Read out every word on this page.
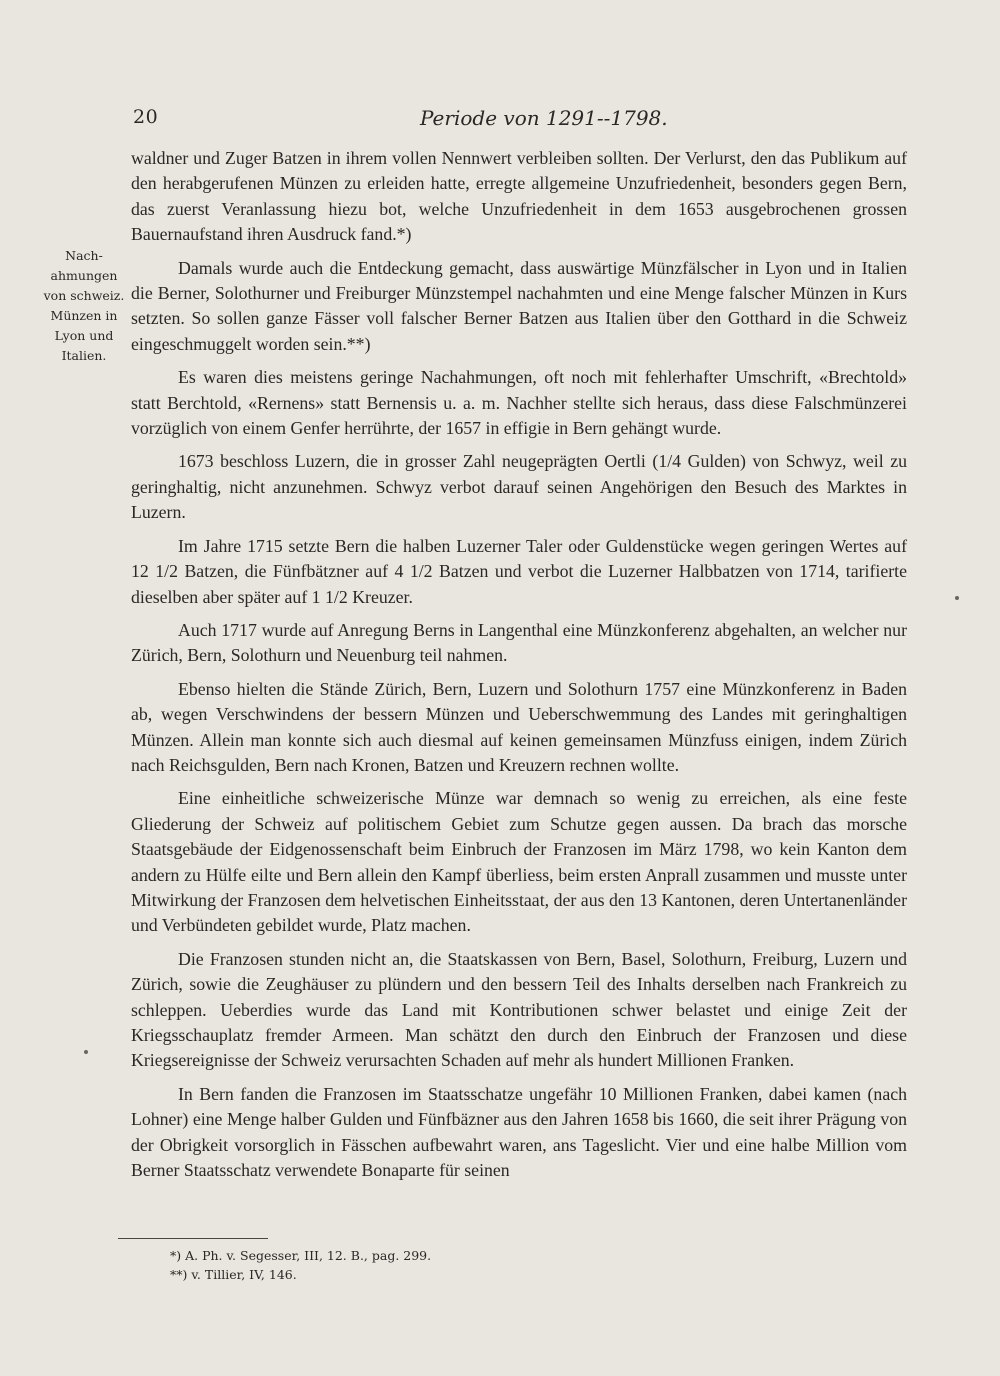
20	Periode von 1291--1798.
Nach- ahmungen von schweiz. Münzen in Lyon und Italien.

waldner und Zuger Batzen in ihrem vollen Nennwert verbleiben sollten. Der Verlurst, den das Publikum auf den herabgerufenen Münzen zu erleiden hatte, erregte allgemeine Unzufriedenheit, besonders gegen Bern, das zuerst Veranlassung hiezu bot, welche Unzufriedenheit in dem 1653 ausgebrochenen grossen Bauernaufstand ihren Ausdruck fand.*)

Damals wurde auch die Entdeckung gemacht, dass auswärtige Münzfälscher in Lyon und in Italien die Berner, Solothurner und Freiburger Münzstempel nachahmten und eine Menge falscher Münzen in Kurs setzten. So sollen ganze Fässer voll falscher Berner Batzen aus Italien über den Gotthard in die Schweiz eingeschmuggelt worden sein.**)

Es waren dies meistens geringe Nachahmungen, oft noch mit fehlerhafter Umschrift, «Brechtold» statt Berchtold, «Rernens» statt Bernensis u. a. m. Nachher stellte sich heraus, dass diese Falschmünzerei vorzüglich von einem Genfer herrührte, der 1657 in effigie in Bern gehängt wurde.

1673 beschloss Luzern, die in grosser Zahl neugeprägten Oertli (1/4 Gulden) von Schwyz, weil zu geringhaltig, nicht anzunehmen. Schwyz verbot darauf seinen Angehörigen den Besuch des Marktes in Luzern.

Im Jahre 1715 setzte Bern die halben Luzerner Taler oder Guldenstücke wegen geringen Wertes auf 12 1/2 Batzen, die Fünfbätzner auf 4 1/2 Batzen und verbot die Luzerner Halbbatzen von 1714, tarifierte dieselben aber später auf 1 1/2 Kreuzer.

Auch 1717 wurde auf Anregung Berns in Langenthal eine Münzkonferenz abgehalten, an welcher nur Zürich, Bern, Solothurn und Neuenburg teil nahmen.

Ebenso hielten die Stände Zürich, Bern, Luzern und Solothurn 1757 eine Münzkonferenz in Baden ab, wegen Verschwindens der bessern Münzen und Ueberschwemmung des Landes mit geringhaltigen Münzen. Allein man konnte sich auch diesmal auf keinen gemeinsamen Münzfuss einigen, indem Zürich nach Reichsgulden, Bern nach Kronen, Batzen und Kreuzern rechnen wollte.

Eine einheitliche schweizerische Münze war demnach so wenig zu erreichen, als eine feste Gliederung der Schweiz auf politischem Gebiet zum Schutze gegen aussen. Da brach das morsche Staatsgebäude der Eidgenossenschaft beim Einbruch der Franzosen im März 1798, wo kein Kanton dem andern zu Hülfe eilte und Bern allein den Kampf überliess, beim ersten Anprall zusammen und musste unter Mitwirkung der Franzosen dem helvetischen Einheitsstaat, der aus den 13 Kantonen, deren Untertanenländer und Verbündeten gebildet wurde, Platz machen.

Die Franzosen stunden nicht an, die Staatskassen von Bern, Basel, Solothurn, Freiburg, Luzern und Zürich, sowie die Zeughäuser zu plündern und den bessern Teil des Inhalts derselben nach Frankreich zu schleppen. Ueberdies wurde das Land mit Kontributionen schwer belastet und einige Zeit der Kriegsschauplatz fremder Armeen. Man schätzt den durch den Einbruch der Franzosen und diese Kriegsereignisse der Schweiz verursachten Schaden auf mehr als hundert Millionen Franken.

In Bern fanden die Franzosen im Staatsschatze ungefähr 10 Millionen Franken, dabei kamen (nach Lohner) eine Menge halber Gulden und Fünfbäzner aus den Jahren 1658 bis 1660, die seit ihrer Prägung von der Obrigkeit vorsorglich in Fässchen aufbewahrt waren, ans Tageslicht. Vier und eine halbe Million vom Berner Staatsschatz verwendete Bonaparte für seinen

*) A. Ph. v. Segesser, III, 12. B., pag. 299.
**) v. Tillier, IV, 146.
